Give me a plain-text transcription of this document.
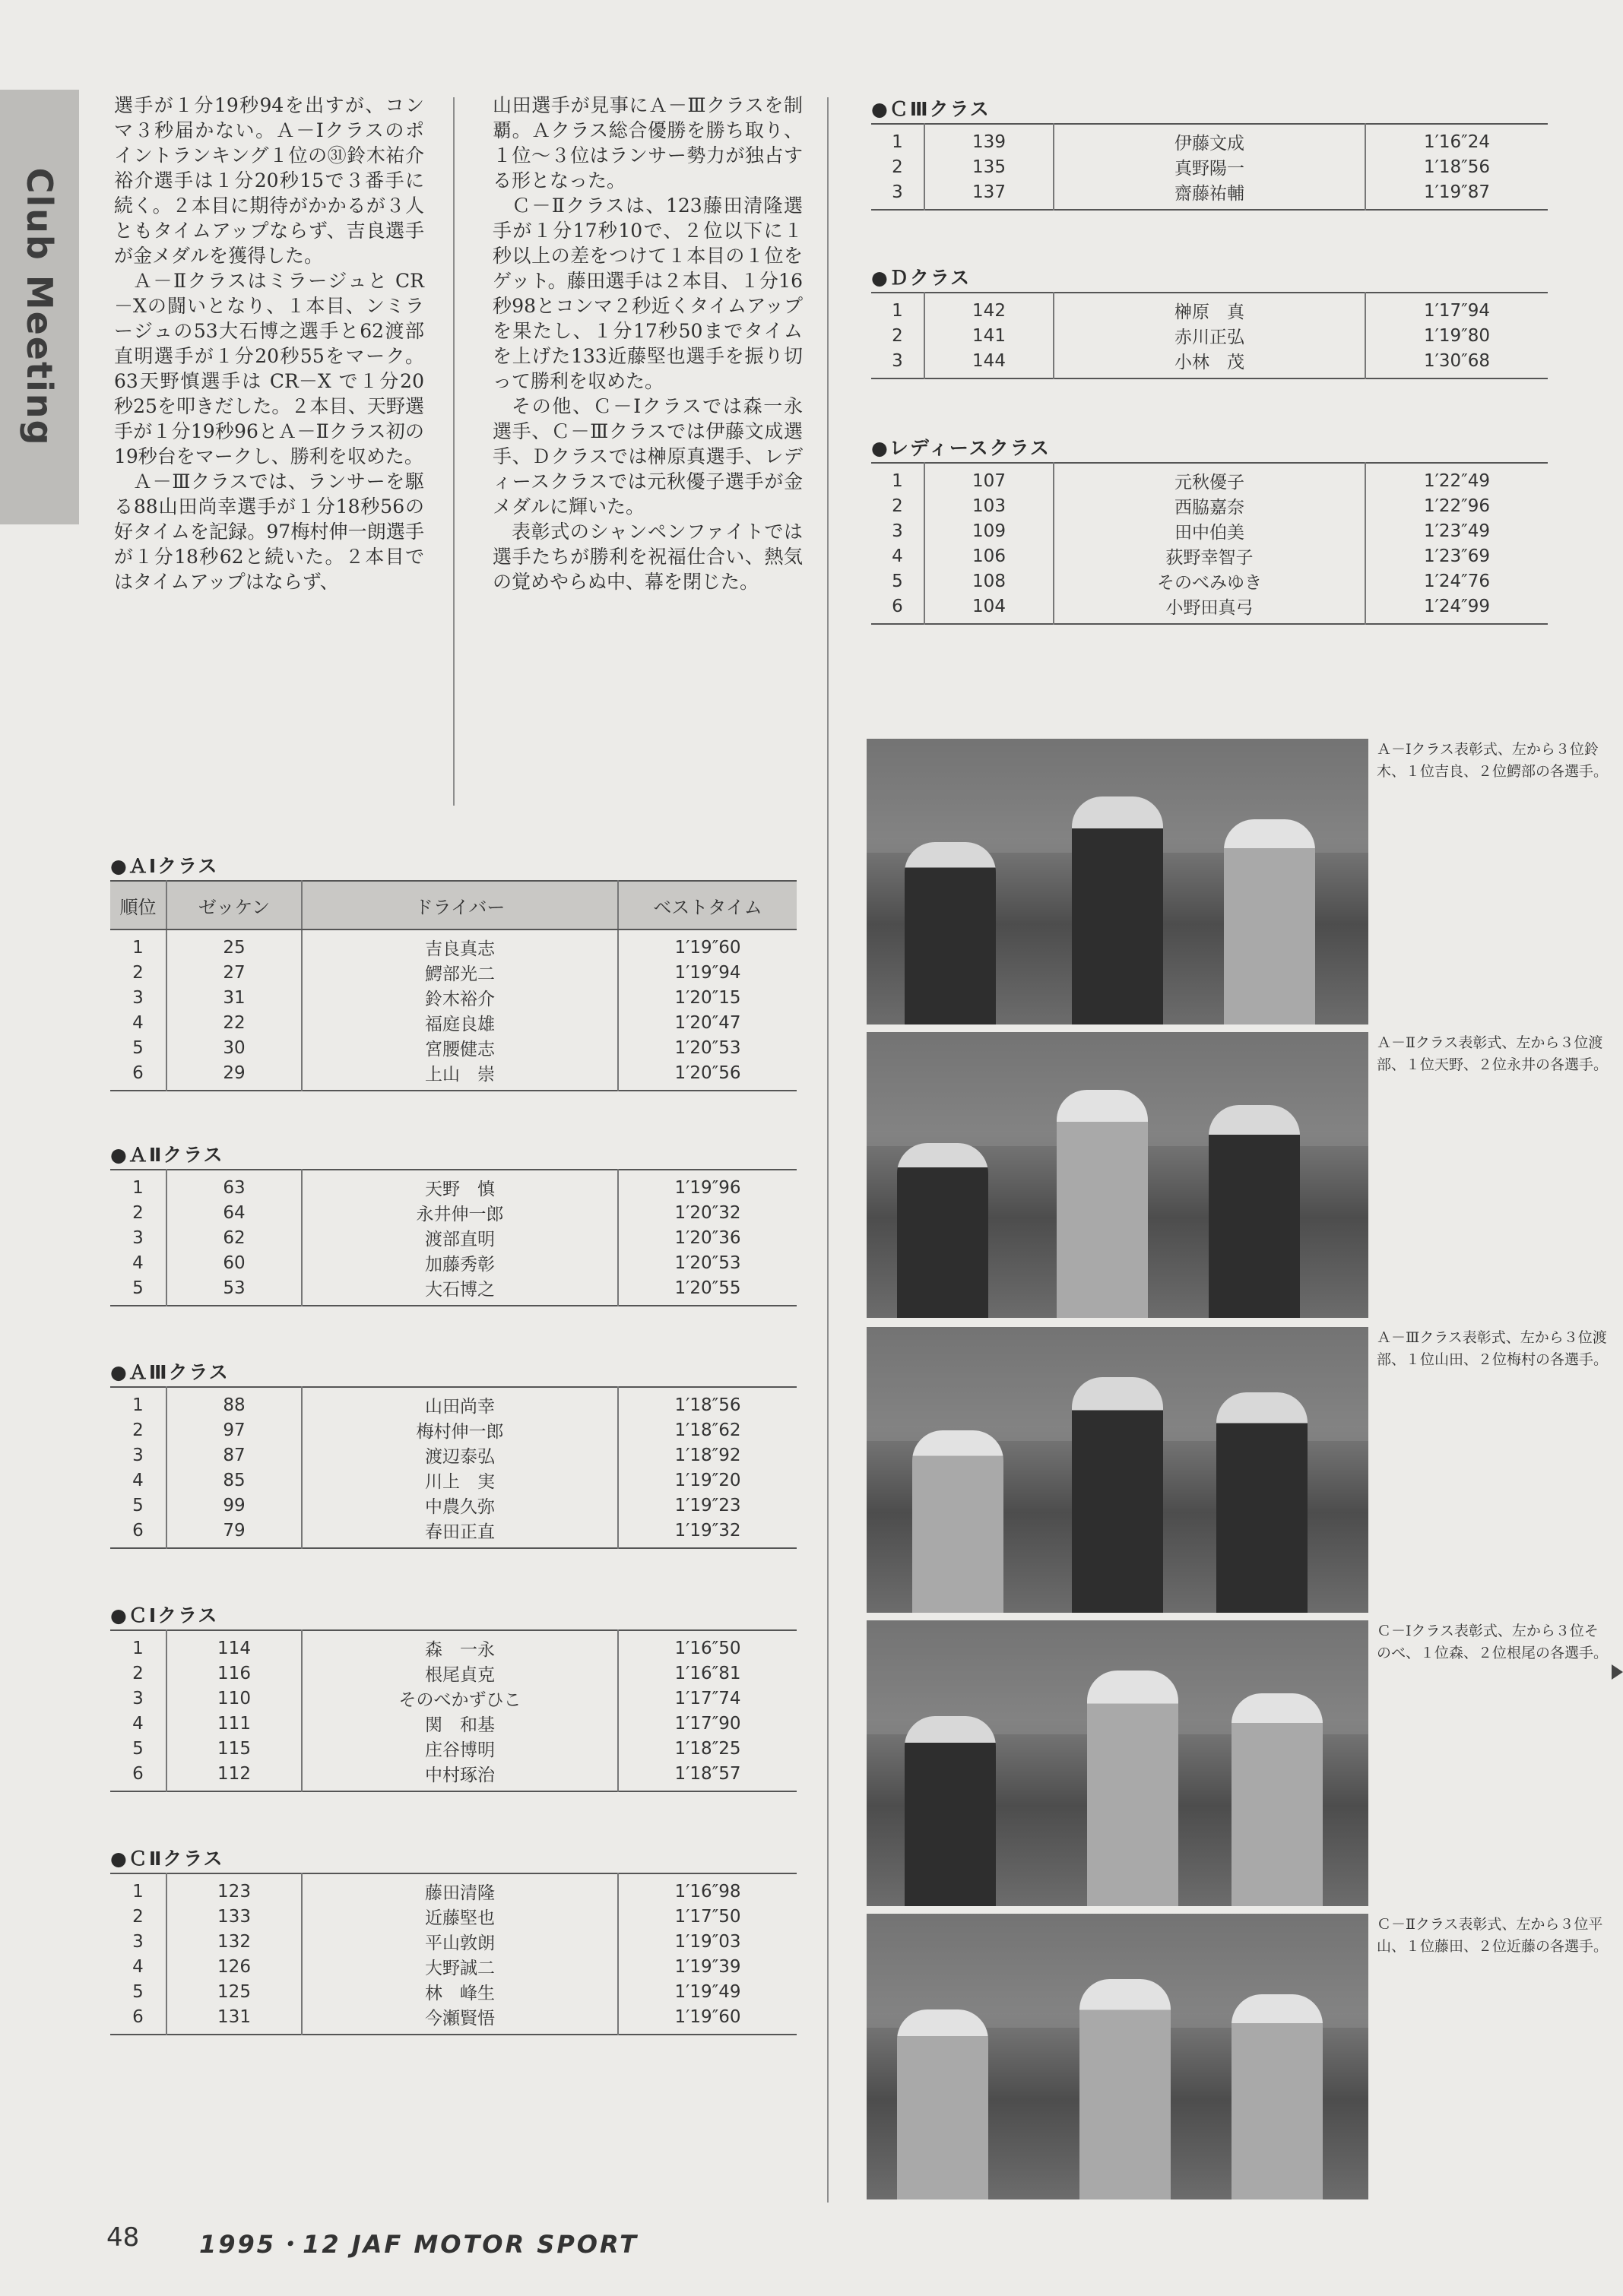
Club Meeting

選手が１分19秒94を出すが、コンマ３秒届かない。Ａ－Ⅰクラスのポイントランキング１位の㉛鈴木祐介裕介選手は１分20秒15で３番手に続く。２本目に期待がかかるが３人ともタイムアップならず、吉良選手が金メダルを獲得した。

Ａ－Ⅱクラスはミラージュと CR－Xの闘いとなり、１本目、ンミラージュの53大石博之選手と62渡部直明選手が１分20秒55をマーク。63天野慎選手は CR－X で１分20秒25を叩きだした。２本目、天野選手が１分19秒96とＡ－Ⅱクラス初の19秒台をマークし、勝利を収めた。

Ａ－Ⅲクラスでは、ランサーを駆る88山田尚幸選手が１分18秒56の好タイムを記録。97梅村伸一朗選手が１分18秒62と続いた。２本目ではタイムアップはならず、

山田選手が見事にＡ－Ⅲクラスを制覇。Ａクラス総合優勝を勝ち取り、１位～３位はランサー勢力が独占する形となった。

Ｃ－Ⅱクラスは、123藤田清隆選手が１分17秒10で、２位以下に１秒以上の差をつけて１本目の１位をゲット。藤田選手は２本目、１分16秒98とコンマ２秒近くタイムアップを果たし、１分17秒50までタイムを上げた133近藤堅也選手を振り切って勝利を収めた。

その他、Ｃ－Ⅰクラスでは森一永選手、Ｃ－Ⅲクラスでは伊藤文成選手、Ｄクラスでは榊原真選手、レディースクラスでは元秋優子選手が金メダルに輝いた。

表彰式のシャンペンファイトでは選手たちが勝利を祝福仕合い、熱気の覚めやらぬ中、幕を閉じた。

●ＡⅠクラス
順位	ゼッケン	ドライバー	ベストタイム
1	25	吉良真志	1′19″60
2	27	鰐部光二	1′19″94
3	31	鈴木裕介	1′20″15
4	22	福庭良雄	1′20″47
5	30	宮腰健志	1′20″53
6	29	上山　崇	1′20″56
●ＡⅡクラス
1	63	天野　慎	1′19″96
2	64	永井伸一郎	1′20″32
3	62	渡部直明	1′20″36
4	60	加藤秀彰	1′20″53
5	53	大石博之	1′20″55
●ＡⅢクラス
1	88	山田尚幸	1′18″56
2	97	梅村伸一郎	1′18″62
3	87	渡辺泰弘	1′18″92
4	85	川上　実	1′19″20
5	99	中農久弥	1′19″23
6	79	春田正直	1′19″32
●ＣⅠクラス
1	114	森　一永	1′16″50
2	116	根尾貞克	1′16″81
3	110	そのべかずひこ	1′17″74
4	111	関　和基	1′17″90
5	115	庄谷博明	1′18″25
6	112	中村琢治	1′18″57
●ＣⅡクラス
1	123	藤田清隆	1′16″98
2	133	近藤堅也	1′17″50
3	132	平山敦朗	1′19″03
4	126	大野誠二	1′19″39
5	125	林　峰生	1′19″49
6	131	今瀬賢悟	1′19″60
●ＣⅢクラス
1	139	伊藤文成	1′16″24
2	135	真野陽一	1′18″56
3	137	齋藤祐輔	1′19″87
●Ｄクラス
1	142	榊原　真	1′17″94
2	141	赤川正弘	1′19″80
3	144	小林　茂	1′30″68
●レディースクラス
1	107	元秋優子	1′22″49
2	103	西脇嘉奈	1′22″96
3	109	田中伯美	1′23″49
4	106	荻野幸智子	1′23″69
5	108	そのべみゆき	1′24″76
6	104	小野田真弓	1′24″99
Ａ－Ⅰクラス表彰式、左から３位鈴木、１位吉良、２位鰐部の各選手。
Ａ－Ⅱクラス表彰式、左から３位渡部、１位天野、２位永井の各選手。
Ａ－Ⅲクラス表彰式、左から３位渡部、１位山田、２位梅村の各選手。
Ｃ－Ⅰクラス表彰式、左から３位そのべ、１位森、２位根尾の各選手。
Ｃ－Ⅱクラス表彰式、左から３位平山、１位藤田、２位近藤の各選手。
48 1995・12 JAF MOTOR SPORT
